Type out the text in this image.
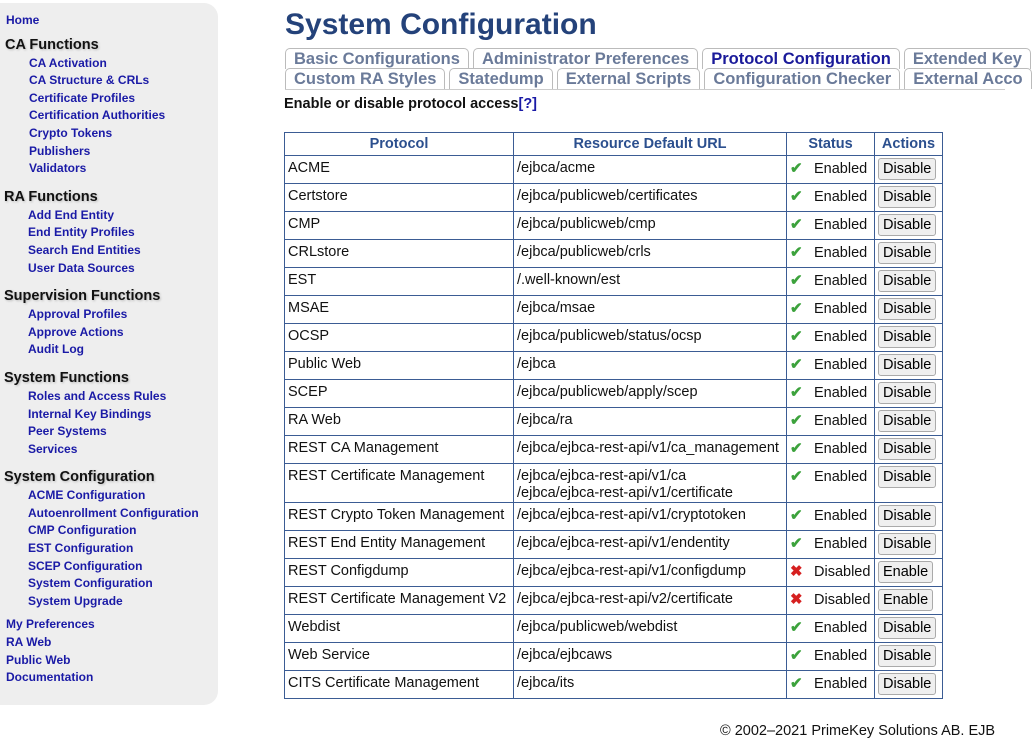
Home
CA Functions
CA Activation
CA Structure & CRLs
Certificate Profiles
Certification Authorities
Crypto Tokens
Publishers
Validators
RA Functions
Add End Entity
End Entity Profiles
Search End Entities
User Data Sources
Supervision Functions
Approval Profiles
Approve Actions
Audit Log
System Functions
Roles and Access Rules
Internal Key Bindings
Peer Systems
Services
System Configuration
ACME Configuration
Autoenrollment Configuration
CMP Configuration
EST Configuration
SCEP Configuration
System Configuration
System Upgrade
My Preferences
RA Web
Public Web
Documentation
System Configuration
Basic Configurations	Administrator Preferences	Protocol Configuration	Extended Key
Custom RA Styles	Statedump	External Scripts	Configuration Checker	External Acco
Enable or disable protocol access[?]
Protocol	Resource Default URL	Status	Actions
ACME	/ejbca/acme	✔ Enabled	Disable
Certstore	/ejbca/publicweb/certificates	✔ Enabled	Disable
CMP	/ejbca/publicweb/cmp	✔ Enabled	Disable
CRLstore	/ejbca/publicweb/crls	✔ Enabled	Disable
EST	/.well-known/est	✔ Enabled	Disable
MSAE	/ejbca/msae	✔ Enabled	Disable
OCSP	/ejbca/publicweb/status/ocsp	✔ Enabled	Disable
Public Web	/ejbca	✔ Enabled	Disable
SCEP	/ejbca/publicweb/apply/scep	✔ Enabled	Disable
RA Web	/ejbca/ra	✔ Enabled	Disable
REST CA Management	/ejbca/ejbca-rest-api/v1/ca_management	✔ Enabled	Disable
REST Certificate Management	/ejbca/ejbca-rest-api/v1/ca
/ejbca/ejbca-rest-api/v1/certificate	✔ Enabled	Disable
REST Crypto Token Management	/ejbca/ejbca-rest-api/v1/cryptotoken	✔ Enabled	Disable
REST End Entity Management	/ejbca/ejbca-rest-api/v1/endentity	✔ Enabled	Disable
REST Configdump	/ejbca/ejbca-rest-api/v1/configdump	✖ Disabled	Enable
REST Certificate Management V2	/ejbca/ejbca-rest-api/v2/certificate	✖ Disabled	Enable
Webdist	/ejbca/publicweb/webdist	✔ Enabled	Disable
Web Service	/ejbca/ejbcaws	✔ Enabled	Disable
CITS Certificate Management	/ejbca/its	✔ Enabled	Disable
© 2002–2021 PrimeKey Solutions AB. EJB
